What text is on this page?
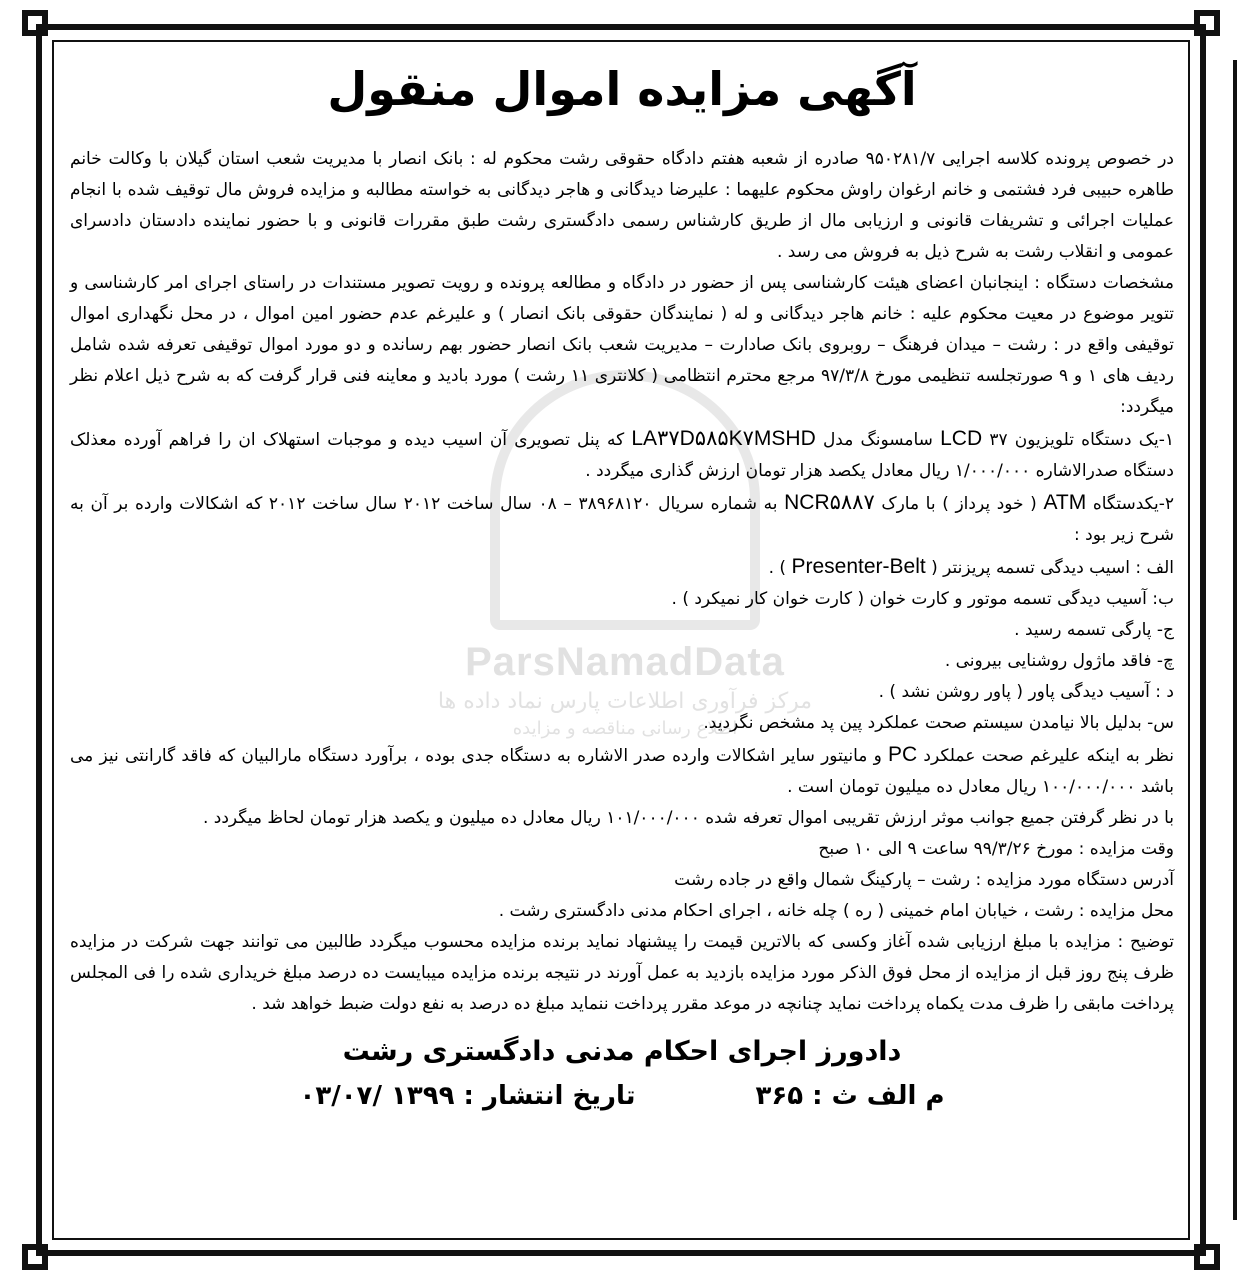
ParsNamadData
مرکز فرآوری اطلاعات پارس نماد داده ها
اطلاع رسانی مناقصه و مزایده
آگهی مزایده اموال منقول

در خصوص پرونده کلاسه اجرایی ۹۵۰۲۸۱/۷ صادره از شعبه هفتم دادگاه حقوقی رشت محکوم له : بانک انصار با مدیریت شعب استان گیلان با وکالت خانم طاهره حبیبی فرد فشتمی و خانم ارغوان راوش محکوم علیهما : علیرضا دیدگانی و هاجر دیدگانی به خواسته مطالبه و مزایده فروش مال توقیف شده با انجام عملیات اجرائی و تشریفات قانونی و ارزیابی مال از طریق کارشناس رسمی دادگستری رشت طبق مقررات قانونی و با حضور نماینده دادستان دادسرای عمومی و انقلاب رشت به شرح ذیل به فروش می رسد .

مشخصات دستگاه : اینجانبان اعضای هیئت کارشناسی پس از حضور در دادگاه و مطالعه پرونده و رویت تصویر مستندات در راستای اجرای امر کارشناسی و تتویر موضوع در معیت محکوم علیه : خانم هاجر دیدگانی و له ( نمایندگان حقوقی بانک انصار ) و علیرغم عدم حضور امین اموال ، در محل نگهداری اموال توقیفی واقع در : رشت – میدان فرهنگ – روبروی بانک صادارت – مدیریت شعب بانک انصار حضور بهم رسانده و دو مورد اموال توقیفی تعرفه شده شامل ردیف های ۱ و ۹ صورتجلسه تنظیمی مورخ ۹۷/۳/۸ مرجع محترم انتظامی ( کلانتری ۱۱ رشت ) مورد بادید و معاینه فنی قرار گرفت که به شرح ذیل اعلام نظر میگردد:

۱-یک دستگاه تلویزیون ۳۷ LCD سامسونگ مدل LA۳۷D۵۸۵K۷MSHD که پنل تصویری آن اسیب دیده و موجبات استهلاک ان را فراهم آورده معذلک دستگاه صدرالاشاره ۱/۰۰۰/۰۰۰ ریال معادل یکصد هزار تومان ارزش گذاری میگردد .

۲-یکدستگاه ATM ( خود پرداز ) با مارک NCR۵۸۸۷ به شماره سریال ۳۸۹۶۸۱۲۰ – ۰۸ سال ساخت ۲۰۱۲ سال ساخت ۲۰۱۲ که اشکالات وارده بر آن به شرح زیر بود :

الف : اسیب دیدگی تسمه پریزنتر ( Presenter-Belt ) .

ب: آسیب دیدگی تسمه موتور و کارت خوان ( کارت خوان کار نمیکرد ) .

ج- پارگی تسمه رسید .

چ- فاقد ماژول روشنایی بیرونی .

د : آسیب دیدگی پاور ( پاور روشن نشد ) .

س- بدلیل بالا نیامدن سیستم صحت عملکرد پین پد مشخص نگردید.

نظر به اینکه علیرغم صحت عملکرد PC و مانیتور سایر اشکالات وارده صدر الاشاره به دستگاه جدی بوده ، برآورد دستگاه مارالبیان که فاقد گارانتی نیز می باشد ۱۰۰/۰۰۰/۰۰۰ ریال معادل ده میلیون تومان است .

با در نظر گرفتن جمیع جوانب موثر ارزش تقریبی اموال تعرفه شده ۱۰۱/۰۰۰/۰۰۰ ریال معادل ده میلیون و یکصد هزار تومان لحاظ میگردد .

وقت مزایده : مورخ ۹۹/۳/۲۶ ساعت ۹ الی ۱۰ صبح

آدرس دستگاه مورد مزایده : رشت – پارکینگ شمال واقع در جاده رشت

محل مزایده : رشت ، خیابان امام خمینی ( ره ) چله خانه ، اجرای احکام مدنی دادگستری رشت .

توضیح : مزایده با مبلغ ارزیابی شده آغاز وکسی که بالاترین قیمت را پیشنهاد نماید برنده مزایده محسوب میگردد طالبین می توانند جهت شرکت در مزایده ظرف پنج روز قبل از مزایده از محل فوق الذکر مورد مزایده بازدید به عمل آورند در نتیجه برنده مزایده میبایست ده درصد مبلغ خریداری شده را فی المجلس پرداخت مابقی را ظرف مدت یکماه پرداخت نماید چنانچه در موعد مقرر پرداخت ننماید مبلغ ده درصد به نفع دولت ضبط خواهد شد .

دادورز اجرای احکام مدنی دادگستری رشت
م الف ث : ۳۶۵
تاریخ انتشار : ۱۳۹۹ /۰۳/۰۷
